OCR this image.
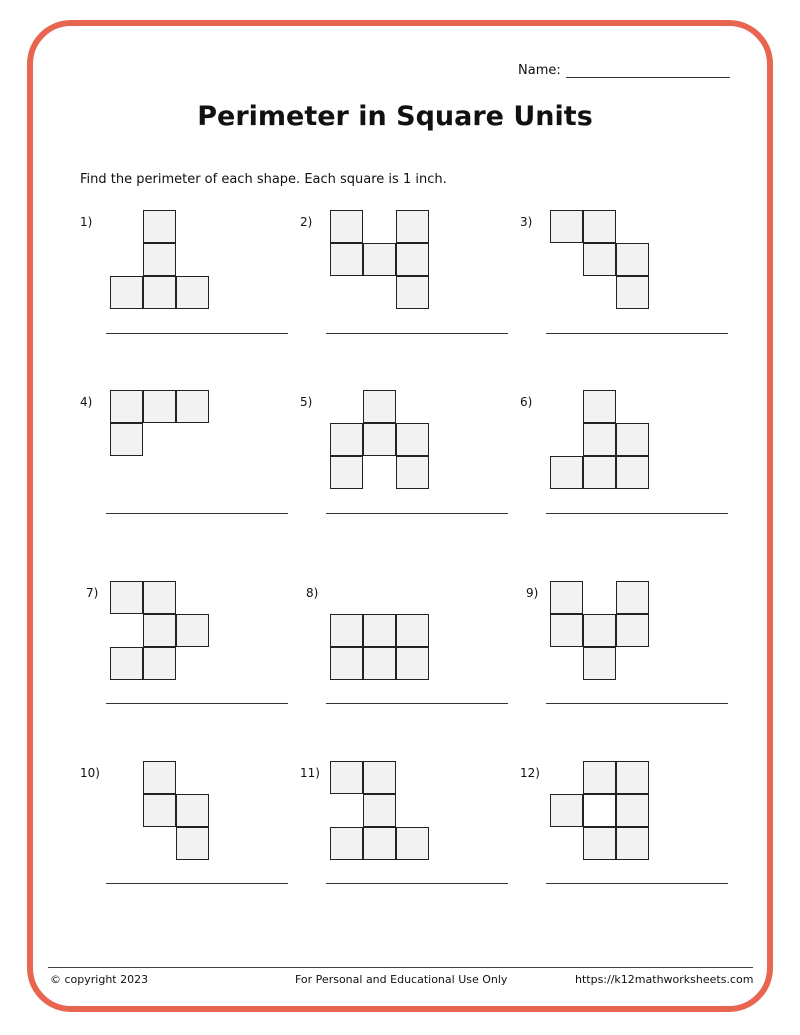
Name:
Perimeter in Square Units
Find the perimeter of each shape. Each square is 1 inch.
1)	2)	3)
4)	5)	6)
7)	8)	9)
10)	11)	12)
© copyright 2023	For Personal and Educational Use Only	https://k12mathworksheets.com
